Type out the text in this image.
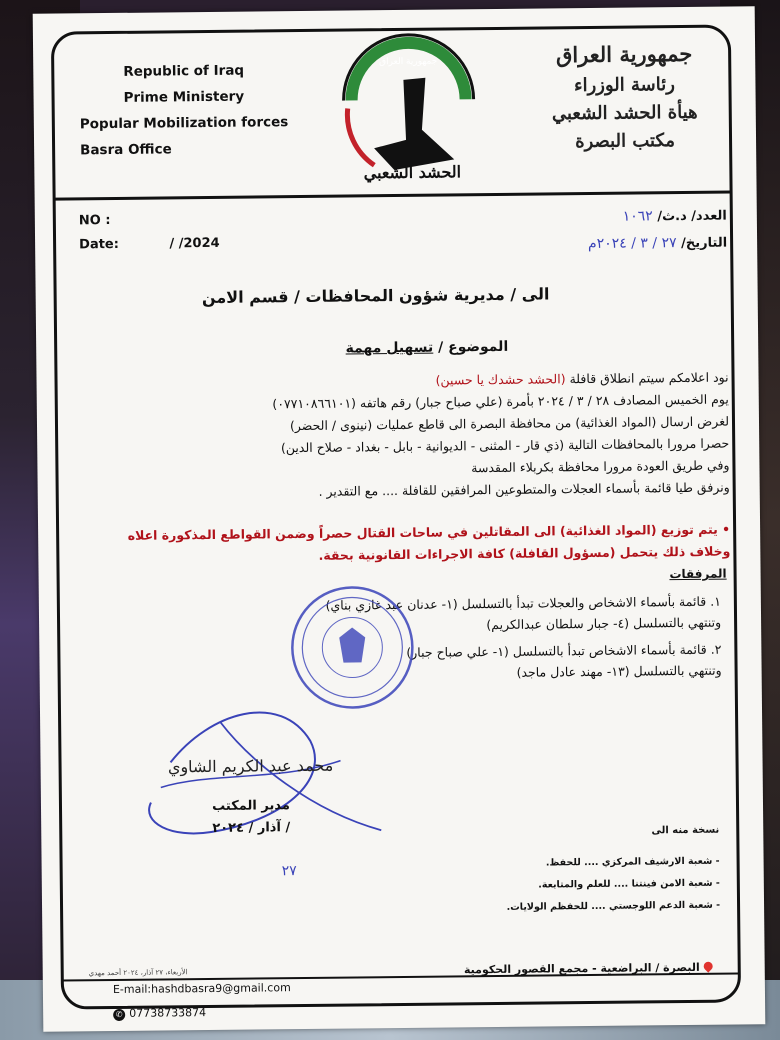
Republic of Iraq
Prime Ministery
Popular Mobilization forces
Basra Office
جمهورية العراق
الحشد الشعبي
جمهورية العراق
رئاسة الوزراء
هيأة الحشد الشعبي
مكتب البصرة
NO :
Date:	/ /2024
العدد/ د.ث/ ١٠٦٢
التاريخ/ ٢٧ / ٣ / ٢٠٢٤م
الى / مديرية شؤون المحافظات / قسم الامن
الموضوع / تسهيل مهمة
نود اعلامكم سيتم انطلاق قافلة (الحشد حشدك يا حسين)
يوم الخميس المصادف ٢٨ / ٣ / ٢٠٢٤ بأمرة (علي صباح جبار) رقم هاتفه (٠٧٧١٠٨٦٦١٠١)
لغرض ارسال (المواد الغذائية) من محافظة البصرة الى قاطع عمليات (نينوى / الحضر)
حصرا مرورا بالمحافظات التالية (ذي قار - المثنى - الديوانية - بابل - بغداد - صلاح الدين)
وفي طريق العودة مرورا محافظة بكربلاء المقدسة
ونرفق طيا قائمة بأسماء العجلات والمتطوعين المرافقين للقافلة .... مع التقدير .
• يتم توزيع (المواد الغذائية) الى المقاتلين في ساحات القتال حصراً وضمن القواطع المذكورة اعلاه
وخلاف ذلك يتحمل (مسؤول القافلة) كافة الاجراءات القانونية بحقة.
المرفقات
١. قائمة بأسماء الاشخاص والعجلات تبدأ بالتسلسل (١- عدنان عبد غازي بناي)
وتنتهي بالتسلسل (٤- جبار سلطان عبدالكريم)
٢. قائمة بأسماء الاشخاص تبدأ بالتسلسل (١- علي صباح جبار)
وتنتهي بالتسلسل (١٣- مهند عادل ماجد)
محمد عبد الكريم الشاوي
مدير المكتب
/ آذار / ٢٠٢٤	نسخة منه الى
- شعبة الارشيف المركزي .... للحفظ.
- شعبة الامن فينتنا .... للعلم والمتابعة.
- شعبة الدعم اللوجستي .... للحفظم الولايات.
٢٧
الأربعاء، ٢٧ آذار، ٢٠٢٤ أحمد مهدي
E-mail:hashdbasra9@gmail.com
✆ 07738733874
البصرة / البراضعية - مجمع القصور الحكومية
